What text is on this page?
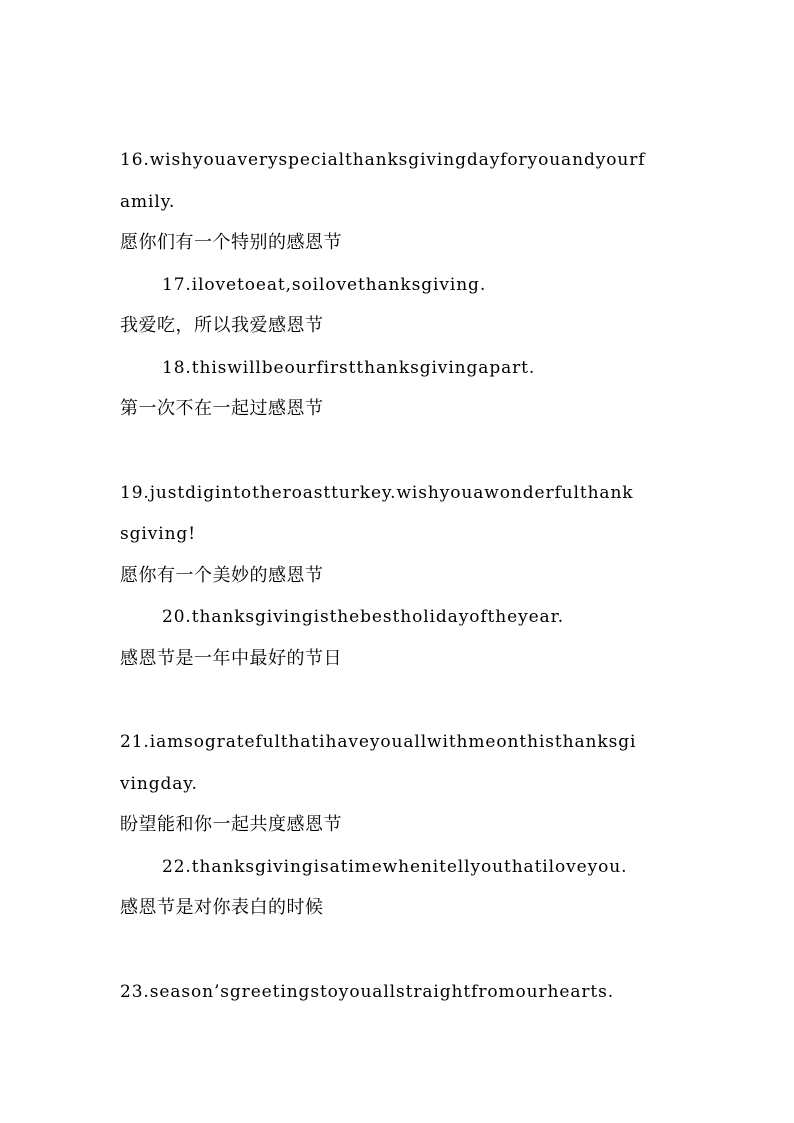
16.wishyouaveryspecialthanksgivingdayforyouandyourf
amily.
愿你们有一个特别的感恩节
17.ilovetoeat,soilovethanksgiving.
我爱吃，所以我爱感恩节
18.thiswillbeourfirstthanksgivingapart.
第一次不在一起过感恩节
19.justdigintotheroastturkey.wishyouawonderfulthank
sgiving!
愿你有一个美妙的感恩节
20.thanksgivingisthebestholidayoftheyear.
感恩节是一年中最好的节日
21.iamsogratefulthatihaveyouallwithmeonthisthanksgi
vingday.
盼望能和你一起共度感恩节
22.thanksgivingisatimewhenitellyouthatiloveyou.
感恩节是对你表白的时候
23.season’sgreetingstoyouallstraightfromourhearts.
